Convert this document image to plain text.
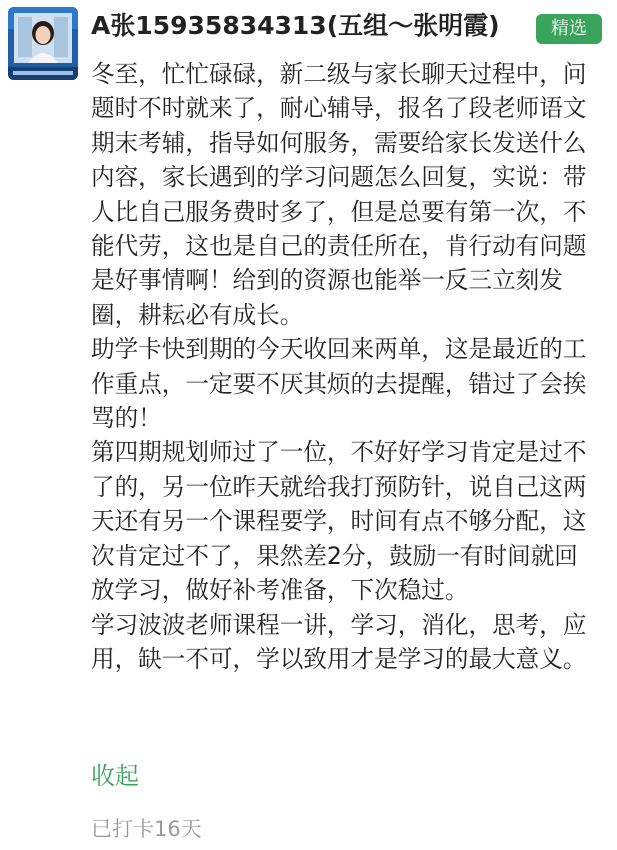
A张15935834313(五组～张明霞)	精选

冬至，忙忙碌碌，新二级与家长聊天过程中，问题时不时就来了，耐心辅导，报名了段老师语文期末考辅，指导如何服务，需要给家长发送什么内容，家长遇到的学习问题怎么回复，实说：带人比自己服务费时多了，但是总要有第一次，不能代劳，这也是自己的责任所在，肯行动有问题是好事情啊！给到的资源也能举一反三立刻发圈，耕耘必有成长。

助学卡快到期的今天收回来两单，这是最近的工作重点，一定要不厌其烦的去提醒，错过了会挨骂的！

第四期规划师过了一位，不好好学习肯定是过不了的，另一位昨天就给我打预防针，说自己这两天还有另一个课程要学，时间有点不够分配，这次肯定过不了，果然差2分，鼓励一有时间就回放学习，做好补考准备，下次稳过。

学习波波老师课程一讲，学习，消化，思考，应用，缺一不可，学以致用才是学习的最大意义。

收起
已打卡16天
